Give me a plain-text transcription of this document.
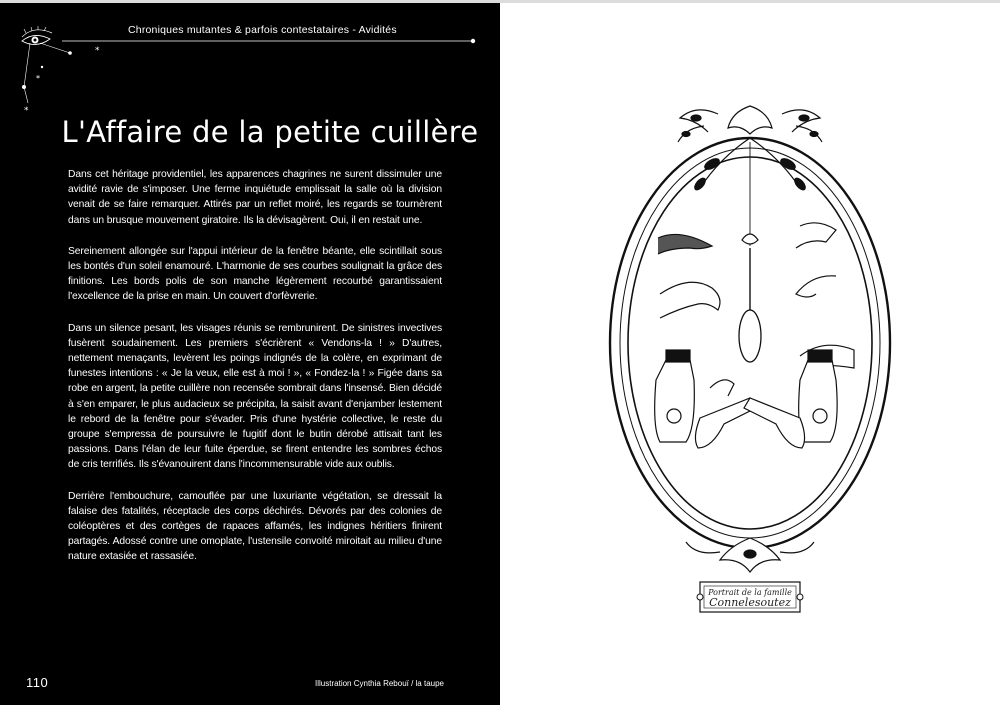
*
*
*
Chroniques mutantes & parfois contestataires - Avidités
L'Affaire de la petite cuillère

Dans cet héritage providentiel, les apparences chagrines ne surent dissimuler une avidité ravie de s'imposer. Une ferme inquiétude emplissait la salle où la division venait de se faire remarquer. Attirés par un reflet moiré, les regards se tournèrent dans un brusque mouvement giratoire. Ils la dévisagèrent. Oui, il en restait une.

Sereinement allongée sur l'appui intérieur de la fenêtre béante, elle scintillait sous les bontés d'un soleil enamouré. L'harmonie de ses courbes soulignait la grâce des finitions. Les bords polis de son manche légèrement recourbé garantissaient l'excellence de la prise en main. Un couvert d'orfèvrerie.

Dans un silence pesant, les visages réunis se rembrunirent. De sinistres invectives fusèrent soudainement. Les premiers s'écrièrent « Vendons-la ! » D'autres, nettement menaçants, levèrent les poings indignés de la colère, en exprimant de funestes intentions : « Je la veux, elle est à moi ! », « Fondez-la ! » Figée dans sa robe en argent, la petite cuillère non recensée sombrait dans l'insensé. Bien décidé à s'en emparer, le plus audacieux se précipita, la saisit avant d'enjamber lestement le rebord de la fenêtre pour s'évader. Pris d'une hystérie collective, le reste du groupe s'empressa de poursuivre le fugitif dont le butin dérobé attisait tant les passions. Dans l'élan de leur fuite éperdue, se firent entendre les sombres échos de cris terrifiés. Ils s'évanouirent dans l'incommensurable vide aux oublis.

Derrière l'embouchure, camouflée par une luxuriante végétation, se dressait la falaise des fatalités, réceptacle des corps déchirés. Dévorés par des colonies de coléoptères et des cortèges de rapaces affamés, les indignes héritiers finirent partagés. Adossé contre une omoplate, l'ustensile convoité miroitait au milieu d'une nature extasiée et rassasiée.

110	Illustration Cynthia Rebouï / la taupe
Portrait de la famille
Connelesoutez
